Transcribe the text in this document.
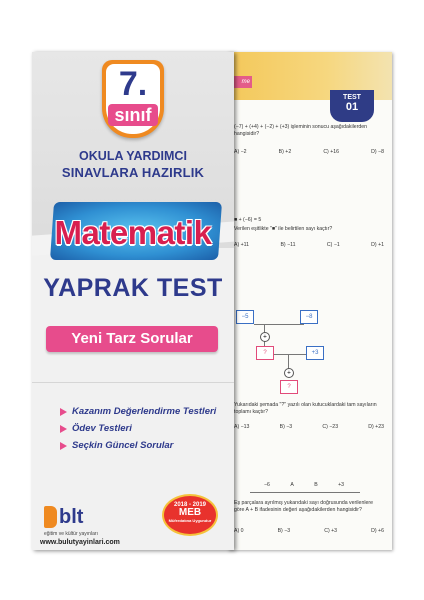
me
TEST
01
(−7) + (+4) + (−2) + (+3) işleminin sonucu aşağıdakilerden hangisidir?
A) −2	B) +2	C) +16	D) −8
■ + (−6) = 5
Verilen eşitlikte "■" ile belirtilen sayı kaçtır?
A) +11	B) −11	C) −1	D) +1
−5	−8
+
?	+3
+
?
Yukarıdaki şemada "?" yazılı olan kutucuklardaki tam sayıların toplamı kaçtır?
A) −13	B) −3	C) −23	D) +23
−6	A	B	+3
Eş parçalara ayrılmış yukarıdaki sayı doğrusunda verilenlere göre A + B ifadesinin değeri aşağıdakilerden hangisidir?
A) 0	B) −3	C) +3	D) +6
7.
sınıf
OKULA YARDIMCI
SINAVLARA HAZIRLIK
Matematik
YAPRAK TEST
Yeni Tarz Sorular
Kazanım Değerlendirme Testleri
Ödev Testleri
Seçkin Güncel Sorular
blt
eğitim ve kültür yayınları
www.bulutyayinlari.com
2018 - 2019
MEB
Müfredatına Uygundur
